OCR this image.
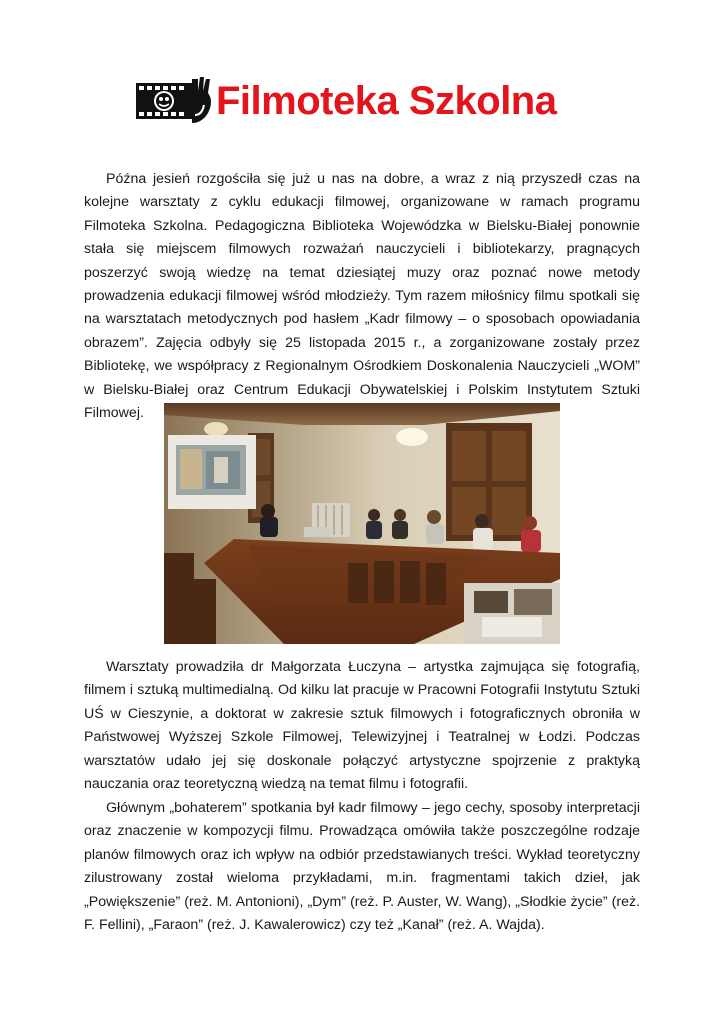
Filmoteka Szkolna

Późna jesień rozgościła się już u nas na dobre, a wraz z nią przyszedł czas na kolejne warsztaty z cyklu edukacji filmowej, organizowane w ramach programu Filmoteka Szkolna. Pedagogiczna Biblioteka Wojewódzka w Bielsku-Białej ponownie stała się miejscem filmowych rozważań nauczycieli i bibliotekarzy, pragnących poszerzyć swoją wiedzę na temat dziesiątej muzy oraz poznać nowe metody prowadzenia edukacji filmowej wśród młodzieży. Tym razem miłośnicy filmu spotkali się na warsztatach metodycznych pod hasłem „Kadr filmowy – o sposobach opowiadania obrazem”. Zajęcia odbyły się 25 listopada 2015 r., a zorganizowane zostały przez Bibliotekę, we współpracy z Regionalnym Ośrodkiem Doskonalenia Nauczycieli „WOM” w Bielsku-Białej oraz Centrum Edukacji Obywatelskiej i Polskim Instytutem Sztuki Filmowej.

Warsztaty prowadziła dr Małgorzata Łuczyna – artystka zajmująca się fotografią, filmem i sztuką multimedialną. Od kilku lat pracuje w Pracowni Fotografii Instytutu Sztuki UŚ w Cieszynie, a doktorat w zakresie sztuk filmowych i fotograficznych obroniła w Państwowej Wyższej Szkole Filmowej, Telewizyjnej i Teatralnej w Łodzi. Podczas warsztatów udało jej się doskonale połączyć artystyczne spojrzenie z praktyką nauczania oraz teoretyczną wiedzą na temat filmu i fotografii.

Głównym „bohaterem” spotkania był kadr filmowy – jego cechy, sposoby interpretacji oraz znaczenie w kompozycji filmu. Prowadząca omówiła także poszczególne rodzaje planów filmowych oraz ich wpływ na odbiór przedstawianych treści. Wykład teoretyczny zilustrowany został wieloma przykładami, m.in. fragmentami takich dzieł, jak „Powiększenie” (reż. M. Antonioni), „Dym” (reż. P. Auster, W. Wang), „Słodkie życie” (reż. F. Fellini), „Faraon” (reż. J. Kawalerowicz) czy też „Kanał” (reż. A. Wajda).
